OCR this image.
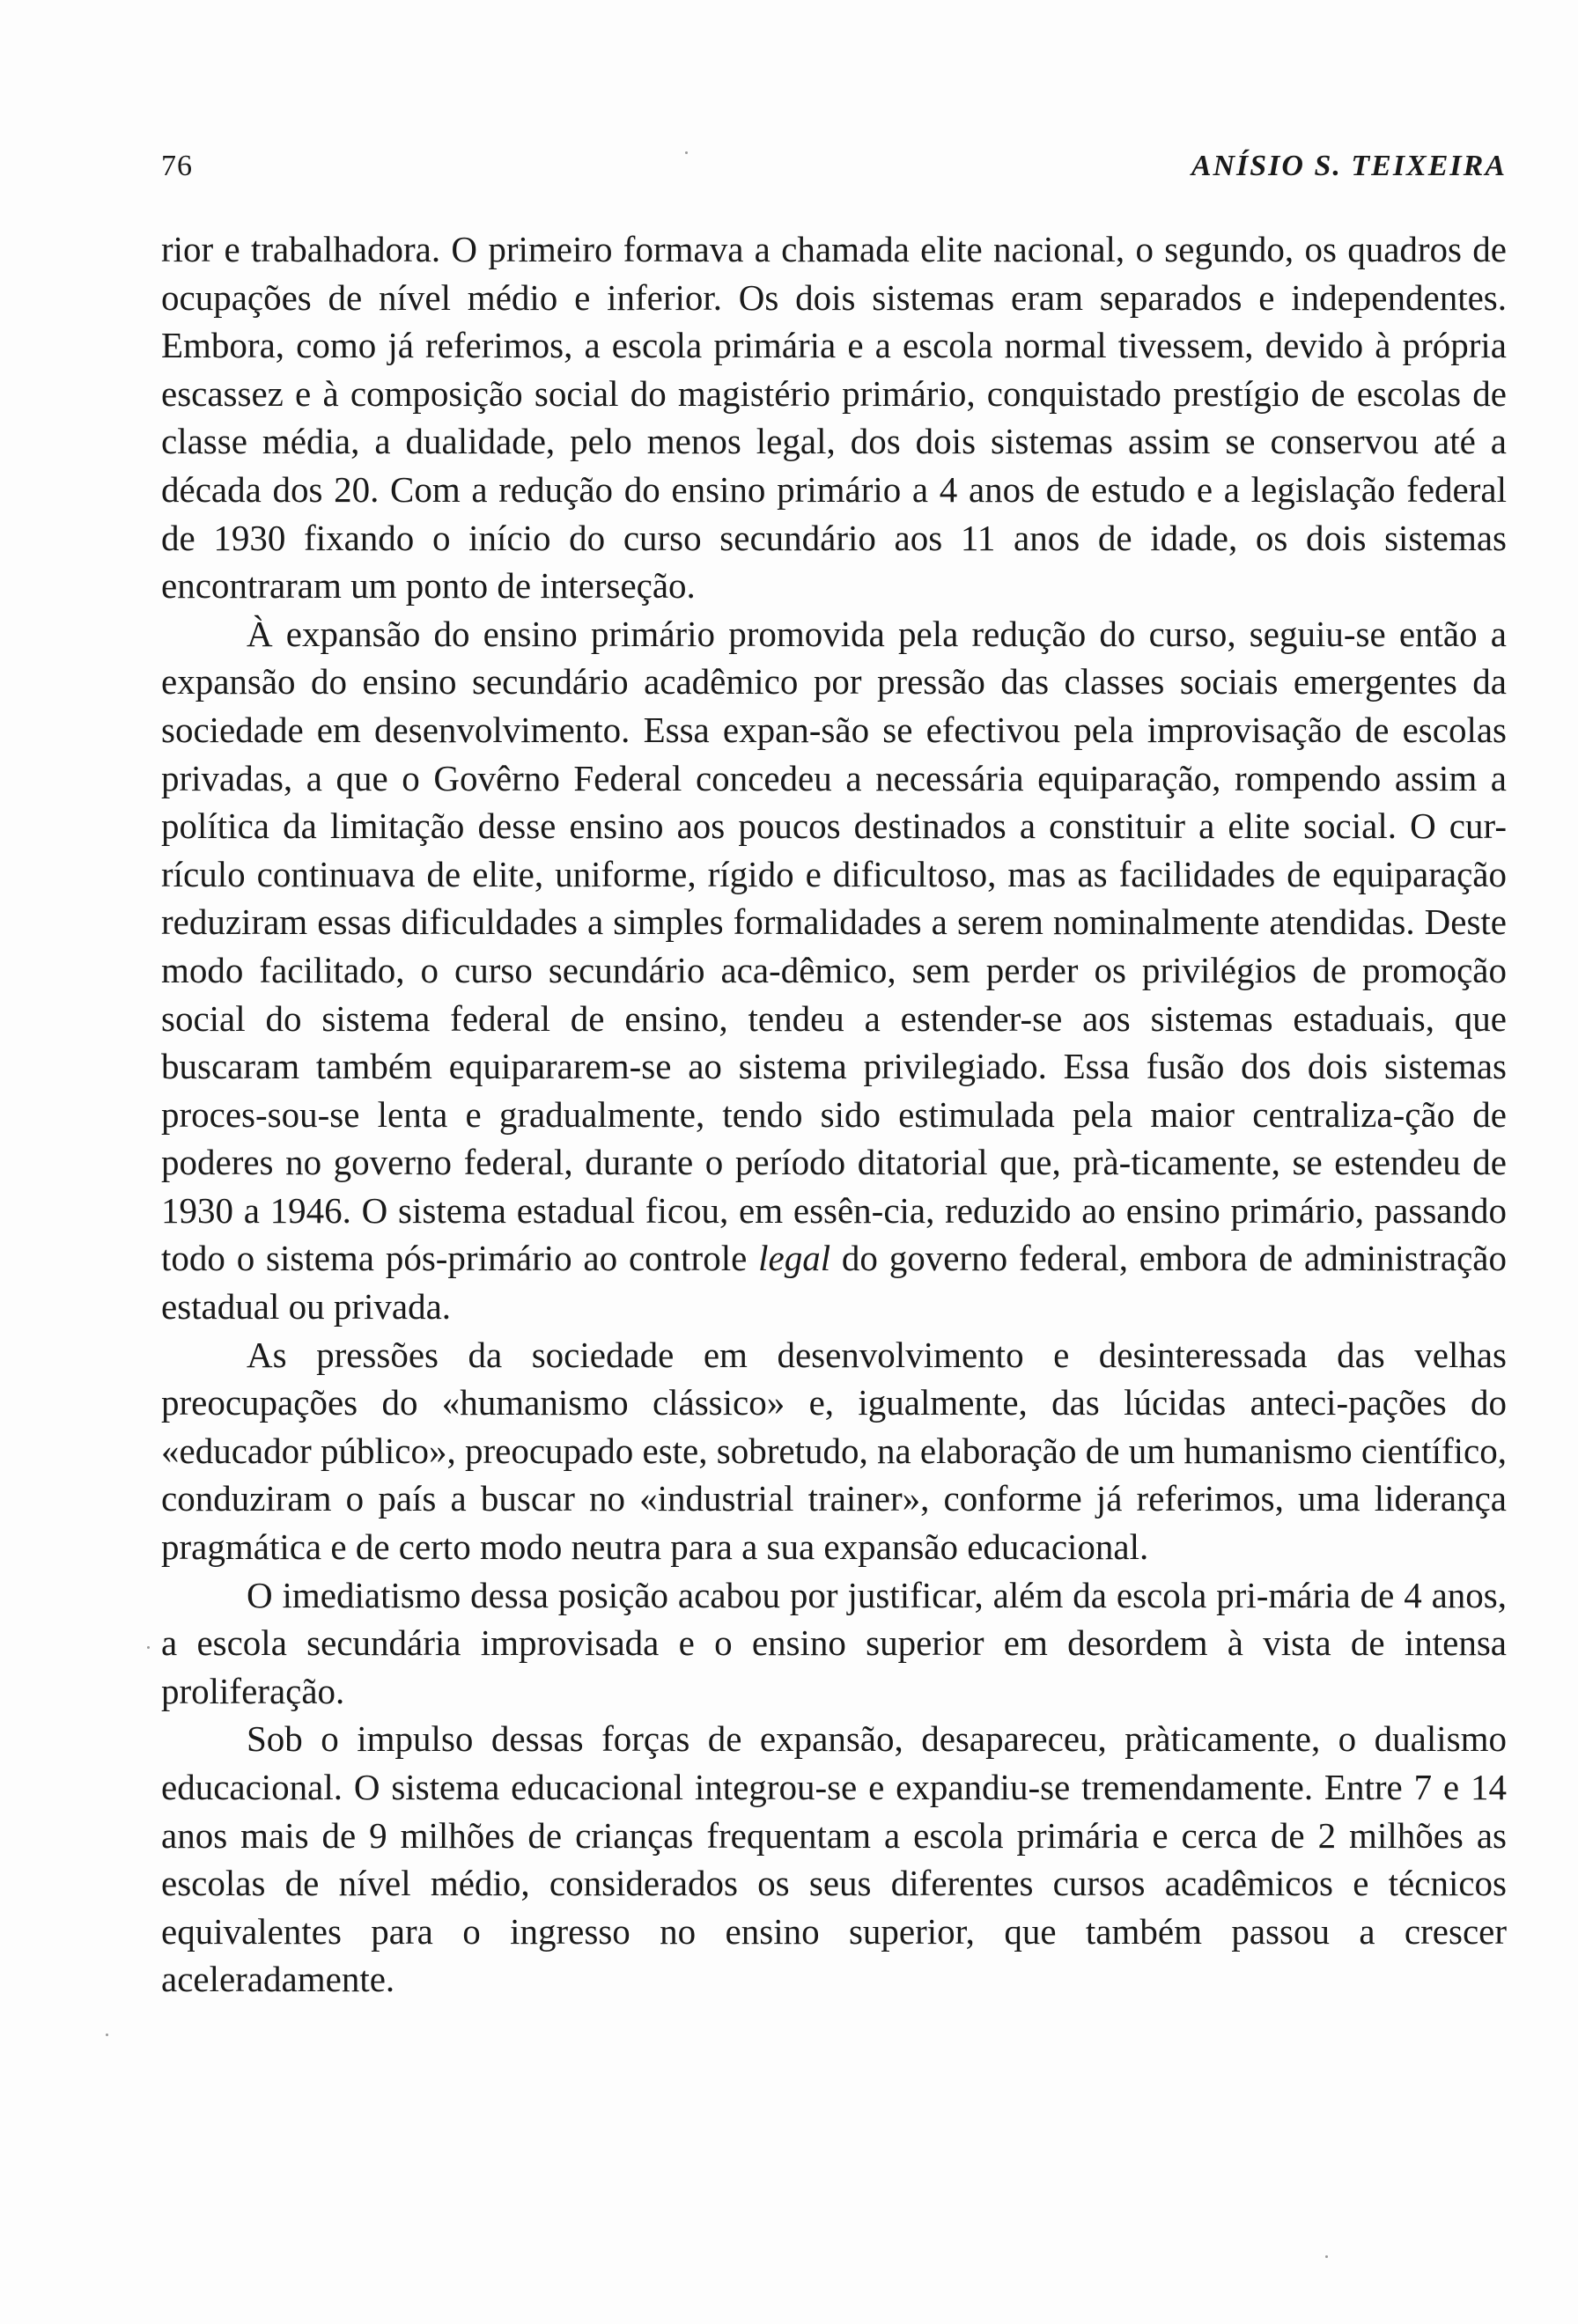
76	ANÍSIO S. TEIXEIRA

rior e trabalhadora. O primeiro formava a chamada elite nacional, o segundo, os quadros de ocupações de nível médio e inferior. Os dois sistemas eram separados e independentes. Embora, como já referimos, a escola primária e a escola normal tivessem, devido à própria escassez e à composição social do magistério primário, conquistado prestígio de escolas de classe média, a dualidade, pelo menos legal, dos dois sistemas assim se conservou até a década dos 20. Com a redução do ensino primário a 4 anos de estudo e a legislação federal de 1930 fixando o início do curso secundário aos 11 anos de idade, os dois sistemas encontraram um ponto de interseção.

À expansão do ensino primário promovida pela redução do curso, seguiu-se então a expansão do ensino secundário acadêmico por pressão das classes sociais emergentes da sociedade em desenvolvimento. Essa expan-são se efectivou pela improvisação de escolas privadas, a que o Govêrno Federal concedeu a necessária equiparação, rompendo assim a política da limitação desse ensino aos poucos destinados a constituir a elite social. O cur-rículo continuava de elite, uniforme, rígido e dificultoso, mas as facilidades de equiparação reduziram essas dificuldades a simples formalidades a serem nominalmente atendidas. Deste modo facilitado, o curso secundário aca-dêmico, sem perder os privilégios de promoção social do sistema federal de ensino, tendeu a estender-se aos sistemas estaduais, que buscaram também equipararem-se ao sistema privilegiado. Essa fusão dos dois sistemas proces-sou-se lenta e gradualmente, tendo sido estimulada pela maior centraliza-ção de poderes no governo federal, durante o período ditatorial que, prà-ticamente, se estendeu de 1930 a 1946. O sistema estadual ficou, em essên-cia, reduzido ao ensino primário, passando todo o sistema pós-primário ao controle legal do governo federal, embora de administração estadual ou privada.

As pressões da sociedade em desenvolvimento e desinteressada das velhas preocupações do «humanismo clássico» e, igualmente, das lúcidas anteci-pações do «educador público», preocupado este, sobretudo, na elaboração de um humanismo científico, conduziram o país a buscar no «industrial trainer», conforme já referimos, uma liderança pragmática e de certo modo neutra para a sua expansão educacional.

O imediatismo dessa posição acabou por justificar, além da escola pri-mária de 4 anos, a escola secundária improvisada e o ensino superior em desordem à vista de intensa proliferação.

Sob o impulso dessas forças de expansão, desapareceu, pràticamente, o dualismo educacional. O sistema educacional integrou-se e expandiu-se tremendamente. Entre 7 e 14 anos mais de 9 milhões de crianças frequentam a escola primária e cerca de 2 milhões as escolas de nível médio, considerados os seus diferentes cursos acadêmicos e técnicos equivalentes para o ingresso no ensino superior, que também passou a crescer aceleradamente.
